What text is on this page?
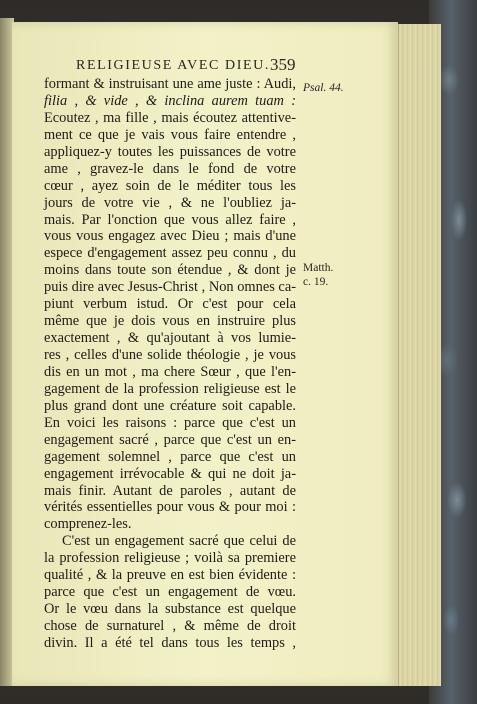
RELIGIEUSE AVEC DIEU. 359
Psal. 44.
Matth.
c. 19.
formant & instruisant une ame juste : Audi,
filia , & vide , & inclina aurem tuam :
Ecoutez , ma fille , mais écoutez attentive-
ment ce que je vais vous faire entendre ,
appliquez-y toutes les puissances de votre
ame , gravez-le dans le fond de votre
cœur , ayez soin de le méditer tous les
jours de votre vie , & ne l'oubliez ja-
mais. Par l'onction que vous allez faire ,
vous vous engagez avec Dieu ; mais d'une
espece d'engagement assez peu connu , du
moins dans toute son étendue , & dont je
puis dire avec Jesus-Christ , Non omnes ca-
piunt verbum istud. Or c'est pour cela
même que je dois vous en instruire plus
exactement , & qu'ajoutant à vos lumie-
res , celles d'une solide théologie , je vous
dis en un mot , ma chere Sœur , que l'en-
gagement de la profession religieuse est le
plus grand dont une créature soit capable.
En voici les raisons : parce que c'est un
engagement sacré , parce que c'est un en-
gagement solemnel , parce que c'est un
engagement irrévocable & qui ne doit ja-
mais finir. Autant de paroles , autant de
vérités essentielles pour vous & pour moi :
comprenez-les.
C'est un engagement sacré que celui de
la profession religieuse ; voilà sa premiere
qualité , & la preuve en est bien évidente :
parce que c'est un engagement de vœu.
Or le vœu dans la substance est quelque
chose de surnaturel , & même de droit
divin. Il a été tel dans tous les temps ,
